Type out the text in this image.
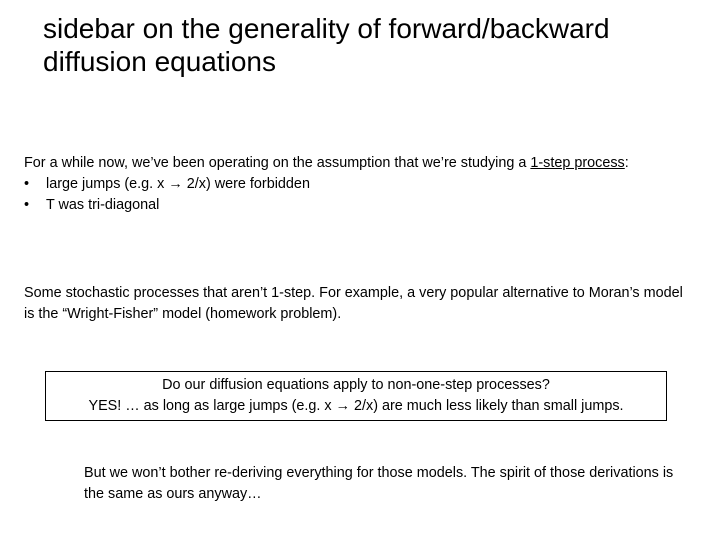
sidebar on the generality of forward/backward diffusion equations
For a while now, we’ve been operating on the assumption that we’re studying a 1-step process:
• large jumps (e.g. x → 2/x) were forbidden
• T was tri-diagonal
Some stochastic processes that aren’t 1-step. For example, a very popular alternative to Moran’s model is the “Wright-Fisher” model (homework problem).
Do our diffusion equations apply to non-one-step processes?
YES! … as long as large jumps (e.g. x → 2/x) are much less likely than small jumps.
But we won’t bother re-deriving everything for those models. The spirit of those derivations is the same as ours anyway…
